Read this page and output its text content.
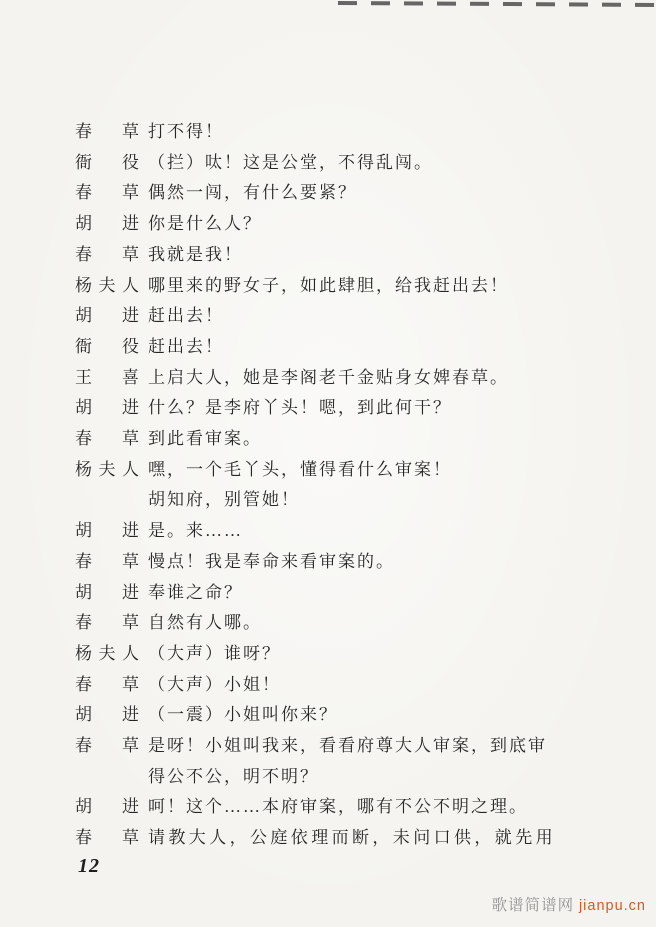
春草 打不得！
衙役 （拦）呔！这是公堂，不得乱闯。
春草 偶然一闯，有什么要紧？
胡进 你是什么人？
春草 我就是我！
杨夫人 哪里来的野女子，如此肆胆，给我赶出去！
胡进 赶出去！
衙役 赶出去！
王喜 上启大人，她是李阁老千金贴身女婢春草。
胡进 什么？是李府丫头！嗯，到此何干？
春草 到此看审案。
杨夫人 嘿，一个毛丫头，懂得看什么审案！
胡知府，别管她！
胡进 是。来……
春草 慢点！我是奉命来看审案的。
胡进 奉谁之命？
春草 自然有人哪。
杨夫人 （大声）谁呀？
春草 （大声）小姐！
胡进 （一震）小姐叫你来？
春草 是呀！小姐叫我来，看看府尊大人审案，到底审
得公不公，明不明？
胡进 呵！这个……本府审案，哪有不公不明之理。
春草 请教大人，公庭依理而断，未问口供，就先用
12
歌谱简谱网 jianpu.cn
